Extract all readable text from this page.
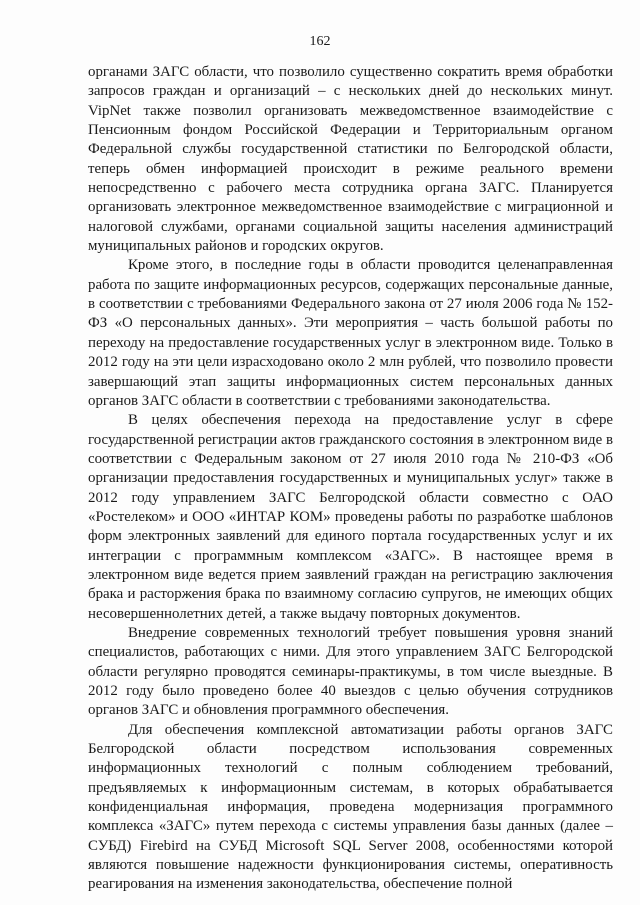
162

органами ЗАГС области, что позволило существенно сократить время обработки запросов граждан и организаций – с нескольких дней до нескольких минут. VipNet также позволил организовать межведомственное взаимодействие с Пенсионным фондом Российской Федерации и Территориальным органом Федеральной службы государственной статистики по Белгородской области, теперь обмен информацией происходит в режиме реального времени непосредственно с рабочего места сотрудника органа ЗАГС. Планируется организовать электронное межведомственное взаимодействие с миграционной и налоговой службами, органами социальной защиты населения администраций муниципальных районов и городских округов.

Кроме этого, в последние годы в области проводится целенаправленная работа по защите информационных ресурсов, содержащих персональные данные, в соответствии с требованиями Федерального закона от 27 июля 2006 года № 152-ФЗ «О персональных данных». Эти мероприятия – часть большой работы по переходу на предоставление государственных услуг в электронном виде. Только в 2012 году на эти цели израсходовано около 2 млн рублей, что позволило провести завершающий этап защиты информационных систем персональных данных органов ЗАГС области в соответствии с требованиями законодательства.

В целях обеспечения перехода на предоставление услуг в сфере государственной регистрации актов гражданского состояния в электронном виде в соответствии с Федеральным законом от 27 июля 2010 года № 210-ФЗ «Об организации предоставления государственных и муниципальных услуг» также в 2012 году управлением ЗАГС Белгородской области совместно с ОАО «Ростелеком» и ООО «ИНТАР КОМ» проведены работы по разработке шаблонов форм электронных заявлений для единого портала государственных услуг и их интеграции с программным комплексом «ЗАГС». В настоящее время в электронном виде ведется прием заявлений граждан на регистрацию заключения брака и расторжения брака по взаимному согласию супругов, не имеющих общих несовершеннолетних детей, а также выдачу повторных документов.

Внедрение современных технологий требует повышения уровня знаний специалистов, работающих с ними. Для этого управлением ЗАГС Белгородской области регулярно проводятся семинары-практикумы, в том числе выездные. В 2012 году было проведено более 40 выездов с целью обучения сотрудников органов ЗАГС и обновления программного обеспечения.

Для обеспечения комплексной автоматизации работы органов ЗАГС Белгородской области посредством использования современных информационных технологий с полным соблюдением требований, предъявляемых к информационным системам, в которых обрабатывается конфиденциальная информация, проведена модернизация программного комплекса «ЗАГС» путем перехода с системы управления базы данных (далее – СУБД) Firebird на СУБД Microsoft SQL Server 2008, особенностями которой являются повышение надежности функционирования системы, оперативность реагирования на изменения законодательства, обеспечение полной
